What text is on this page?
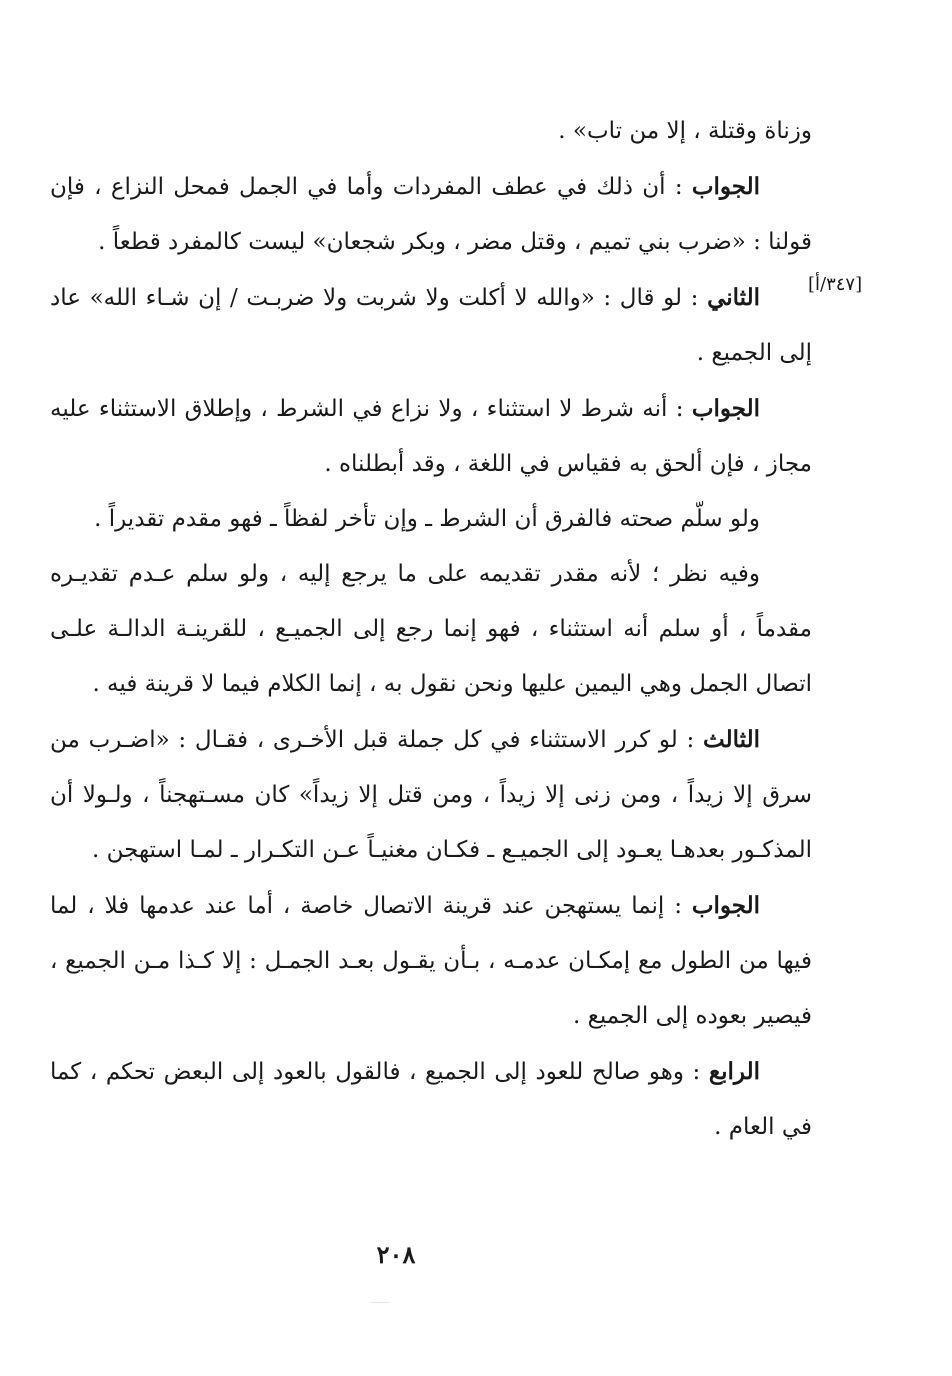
[٣٤٧/أ]

وزناة وقتلة ، إلا من تاب» .

الجواب : أن ذلك في عطف المفردات وأما في الجمل فمحل النزاع ، فإن قولنا : «ضرب بني تميم ، وقتل مضر ، وبكر شجعان» ليست كالمفرد قطعاً .

الثاني : لو قال : «والله لا أكلت ولا شربت ولا ضربـت / إن شـاء الله» عاد إلى الجميع .

الجواب : أنه شرط لا استثناء ، ولا نزاع في الشرط ، وإطلاق الاستثناء عليه مجاز ، فإن ألحق به فقياس في اللغة ، وقد أبطلناه .

ولو سلّم صحته فالفرق أن الشرط ـ وإن تأخر لفظاً ـ فهو مقدم تقديراً .

وفيه نظر ؛ لأنه مقدر تقديمه على ما يرجع إليه ، ولو سلم عـدم تقديـره مقدماً ، أو سلم أنه استثناء ، فهو إنما رجع إلى الجميـع ، للقرينـة الدالـة علـى اتصال الجمل وهي اليمين عليها ونحن نقول به ، إنما الكلام فيما لا قرينة فيه .

الثالث : لو كرر الاستثناء في كل جملة قبل الأخـرى ، فقـال : «اضـرب من سرق إلا زيداً ، ومن زنى إلا زيداً ، ومن قتل إلا زيداً» كان مسـتهجناً ، ولـولا أن المذكـور بعدهـا يعـود إلى الجميـع ـ فكـان مغنيـاً عـن التكـرار ـ لمـا استهجن .

الجواب : إنما يستهجن عند قرينة الاتصال خاصة ، أما عند عدمها فلا ، لما فيها من الطول مع إمكـان عدمـه ، بـأن يقـول بعـد الجمـل : إلا كـذا مـن الجميع ، فيصير بعوده إلى الجميع .

الرابع : وهو صالح للعود إلى الجميع ، فالقول بالعود إلى البعض تحكم ، كما في العام .

٢٠٨
